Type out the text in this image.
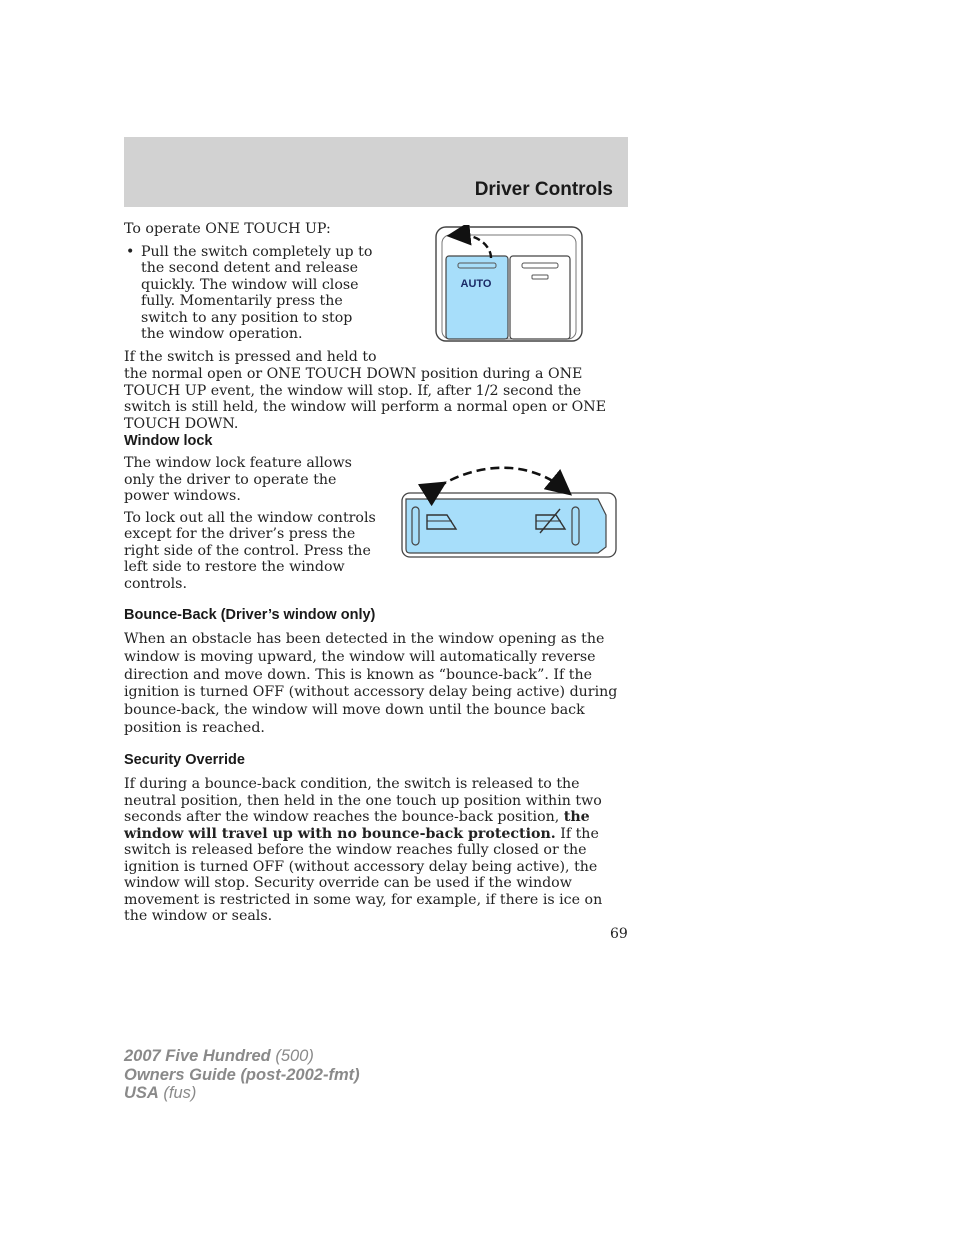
Driver Controls

To operate ONE TOUCH UP:

• Pull the switch completely up to the second detent and release quickly. The window will close fully. Momentarily press the switch to any position to stop the window operation.

If the switch is pressed and held to

the normal open or ONE TOUCH DOWN position during a ONE TOUCH UP event, the window will stop. If, after 1/2 second the switch is still held, the window will perform a normal open or ONE TOUCH DOWN.
AUTO
Window lock

The window lock feature allows only the driver to operate the power windows.

To lock out all the window controls except for the driver’s press the right side of the control. Press the left side to restore the window controls.

Bounce-Back (Driver’s window only)
When an obstacle has been detected in the window opening as the window is moving upward, the window will automatically reverse direction and move down. This is known as “bounce-back”. If the ignition is turned OFF (without accessory delay being active) during bounce-back, the window will move down until the bounce back position is reached.
Security Override
If during a bounce-back condition, the switch is released to the neutral position, then held in the one touch up position within two seconds after the window reaches the bounce-back position, the window will travel up with no bounce-back protection. If the switch is released before the window reaches fully closed or the ignition is turned OFF (without accessory delay being active), the window will stop. Security override can be used if the window movement is restricted in some way, for example, if there is ice on the window or seals.
69
2007 Five Hundred (500)
Owners Guide (post-2002-fmt)
USA (fus)
